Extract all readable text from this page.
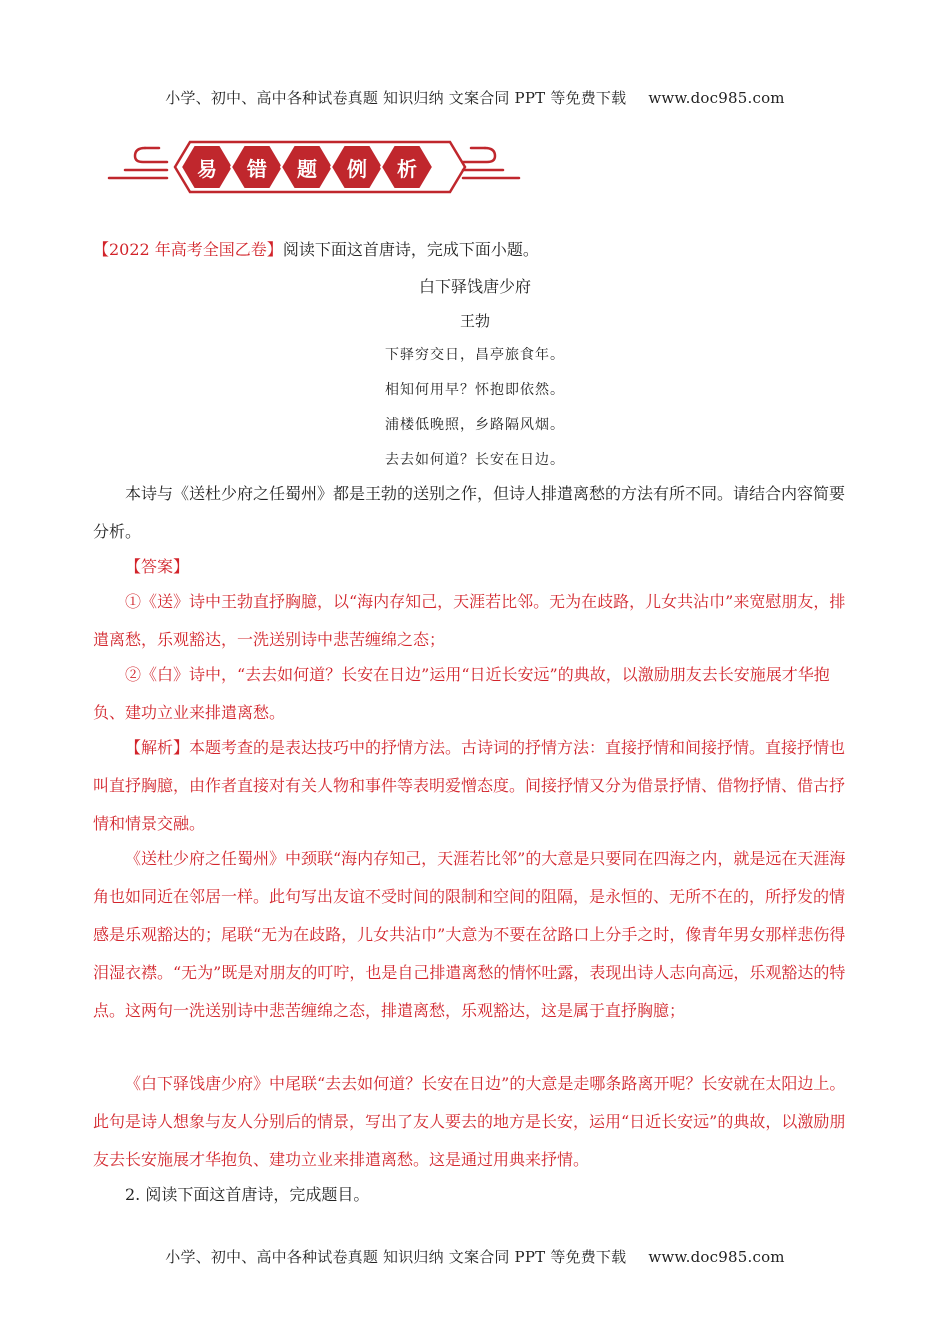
小学、初中、高中各种试卷真题 知识归纳 文案合同 PPT 等免费下载 www.doc985.com
易	错	题	例	析
【2022 年高考全国乙卷】阅读下面这首唐诗，完成下面小题。
白下驿饯唐少府
王勃
下驿穷交日，昌亭旅食年。
相知何用早？怀抱即依然。
浦楼低晚照，乡路隔风烟。
去去如何道？长安在日边。
本诗与《送杜少府之任蜀州》都是王勃的送别之作，但诗人排遣离愁的方法有所不同。请结合内容简要分析。
【答案】
①《送》诗中王勃直抒胸臆，以“海内存知己，天涯若比邻。无为在歧路，儿女共沾巾”来宽慰朋友，排遣离愁，乐观豁达，一洗送别诗中悲苦缠绵之态；
②《白》诗中，“去去如何道？长安在日边”运用“日近长安远”的典故，以激励朋友去长安施展才华抱负、建功立业来排遣离愁。
【解析】本题考查的是表达技巧中的抒情方法。古诗词的抒情方法：直接抒情和间接抒情。直接抒情也叫直抒胸臆，由作者直接对有关人物和事件等表明爱憎态度。间接抒情又分为借景抒情、借物抒情、借古抒情和情景交融。
《送杜少府之任蜀州》中颈联“海内存知己，天涯若比邻”的大意是只要同在四海之内，就是远在天涯海角也如同近在邻居一样。此句写出友谊不受时间的限制和空间的阻隔，是永恒的、无所不在的，所抒发的情感是乐观豁达的；尾联“无为在歧路，儿女共沾巾”大意为不要在岔路口上分手之时，像青年男女那样悲伤得泪湿衣襟。“无为”既是对朋友的叮咛，也是自己排遣离愁的情怀吐露，表现出诗人志向高远，乐观豁达的特点。这两句一洗送别诗中悲苦缠绵之态，排遣离愁，乐观豁达，这是属于直抒胸臆；
《白下驿饯唐少府》中尾联“去去如何道？长安在日边”的大意是走哪条路离开呢？长安就在太阳边上。此句是诗人想象与友人分别后的情景，写出了友人要去的地方是长安，运用“日近长安远”的典故，以激励朋友去长安施展才华抱负、建功立业来排遣离愁。这是通过用典来抒情。
2. 阅读下面这首唐诗，完成题目。
小学、初中、高中各种试卷真题 知识归纳 文案合同 PPT 等免费下载 www.doc985.com
